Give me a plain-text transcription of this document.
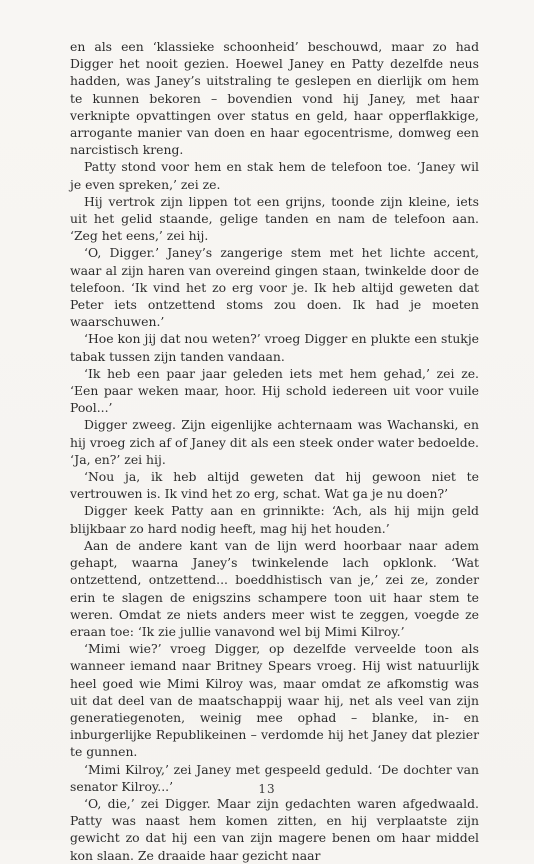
en als een ‘klassieke schoonheid’ beschouwd, maar zo had Digger het nooit gezien. Hoewel Janey en Patty dezelfde neus hadden, was Janey’s uitstraling te geslepen en dierlijk om hem te kunnen bekoren – bovendien vond hij Janey, met haar verknipte opvattingen over status en geld, haar opperflakkige, arrogante manier van doen en haar egocentrisme, domweg een narcistisch kreng.

Patty stond voor hem en stak hem de telefoon toe. ‘Janey wil je even spreken,’ zei ze.

Hij vertrok zijn lippen tot een grijns, toonde zijn kleine, iets uit het gelid staande, gelige tanden en nam de telefoon aan. ‘Zeg het eens,’ zei hij.

‘O, Digger.’ Janey’s zangerige stem met het lichte accent, waar al zijn haren van overeind gingen staan, twinkelde door de telefoon. ‘Ik vind het zo erg voor je. Ik heb altijd geweten dat Peter iets ontzettend stoms zou doen. Ik had je moeten waarschuwen.’

‘Hoe kon jij dat nou weten?’ vroeg Digger en plukte een stukje tabak tussen zijn tanden vandaan.

‘Ik heb een paar jaar geleden iets met hem gehad,’ zei ze. ‘Een paar weken maar, hoor. Hij schold iedereen uit voor vuile Pool...’

Digger zweeg. Zijn eigenlijke achternaam was Wachanski, en hij vroeg zich af of Janey dit als een steek onder water bedoelde. ‘Ja, en?’ zei hij.

‘Nou ja, ik heb altijd geweten dat hij gewoon niet te vertrouwen is. Ik vind het zo erg, schat. Wat ga je nu doen?’

Digger keek Patty aan en grinnikte: ‘Ach, als hij mijn geld blijkbaar zo hard nodig heeft, mag hij het houden.’

Aan de andere kant van de lijn werd hoorbaar naar adem gehapt, waarna Janey’s twinkelende lach opklonk. ‘Wat ontzettend, ontzettend... boeddhistisch van je,’ zei ze, zonder erin te slagen de enigszins schampere toon uit haar stem te weren. Omdat ze niets anders meer wist te zeggen, voegde ze eraan toe: ‘Ik zie jullie vanavond wel bij Mimi Kilroy.’

‘Mimi wie?’ vroeg Digger, op dezelfde verveelde toon als wanneer iemand naar Britney Spears vroeg. Hij wist natuurlijk heel goed wie Mimi Kilroy was, maar omdat ze afkomstig was uit dat deel van de maatschappij waar hij, net als veel van zijn generatiegenoten, weinig mee ophad – blanke, in- en inburgerlijke Republikeinen – verdomde hij het Janey dat plezier te gunnen.

‘Mimi Kilroy,’ zei Janey met gespeeld geduld. ‘De dochter van senator Kilroy...’

‘O, die,’ zei Digger. Maar zijn gedachten waren afgedwaald. Patty was naast hem komen zitten, en hij verplaatste zijn gewicht zo dat hij een van zijn magere benen om haar middel kon slaan. Ze draaide haar gezicht naar

13
